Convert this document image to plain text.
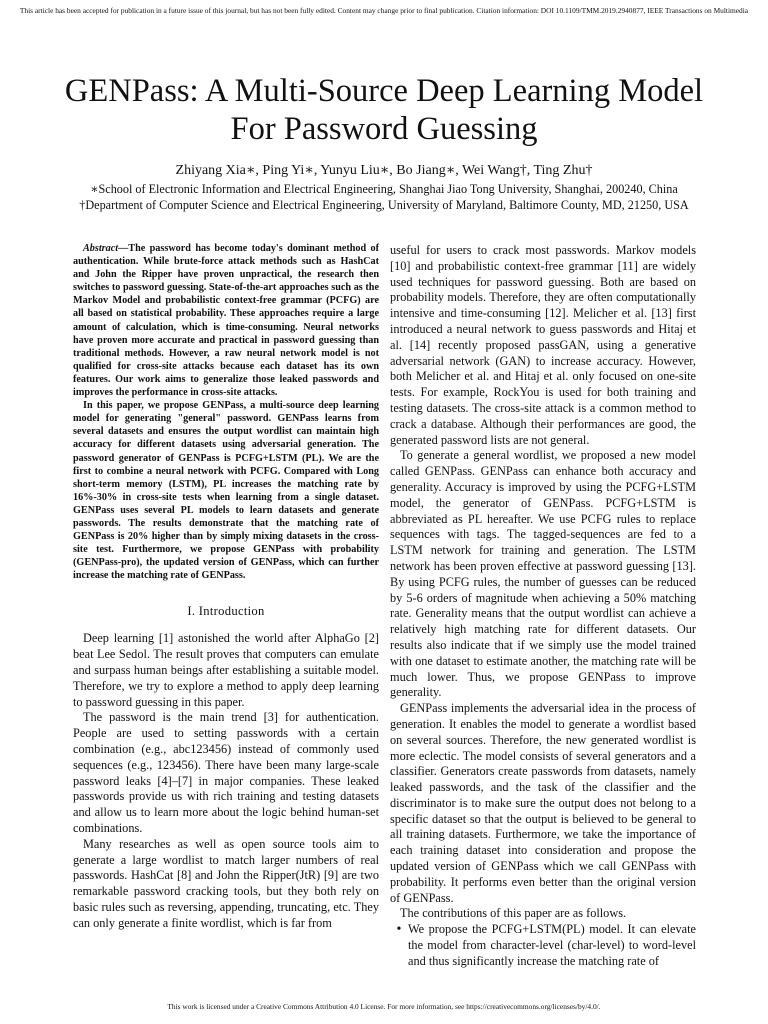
This article has been accepted for publication in a future issue of this journal, but has not been fully edited. Content may change prior to final publication. Citation information: DOI 10.1109/TMM.2019.2940877, IEEE Transactions on Multimedia
GENPass: A Multi-Source Deep Learning Model
For Password Guessing
Zhiyang Xia∗, Ping Yi∗, Yunyu Liu∗, Bo Jiang∗, Wei Wang†, Ting Zhu†
∗School of Electronic Information and Electrical Engineering, Shanghai Jiao Tong University, Shanghai, 200240, China
†Department of Computer Science and Electrical Engineering, University of Maryland, Baltimore County, MD, 21250, USA

Abstract—The password has become today's dominant method of authentication. While brute-force attack methods such as HashCat and John the Ripper have proven unpractical, the research then switches to password guessing. State-of-the-art approaches such as the Markov Model and probabilistic context-free grammar (PCFG) are all based on statistical probability. These approaches require a large amount of calculation, which is time-consuming. Neural networks have proven more accurate and practical in password guessing than traditional methods. However, a raw neural network model is not qualified for cross-site attacks because each dataset has its own features. Our work aims to generalize those leaked passwords and improves the performance in cross-site attacks.

In this paper, we propose GENPass, a multi-source deep learning model for generating "general" password. GENPass learns from several datasets and ensures the output wordlist can maintain high accuracy for different datasets using adversarial generation. The password generator of GENPass is PCFG+LSTM (PL). We are the first to combine a neural network with PCFG. Compared with Long short-term memory (LSTM), PL increases the matching rate by 16%-30% in cross-site tests when learning from a single dataset. GENPass uses several PL models to learn datasets and generate passwords. The results demonstrate that the matching rate of GENPass is 20% higher than by simply mixing datasets in the cross-site test. Furthermore, we propose GENPass with probability (GENPass-pro), the updated version of GENPass, which can further increase the matching rate of GENPass.

I. Introduction

Deep learning [1] astonished the world after AlphaGo [2] beat Lee Sedol. The result proves that computers can emulate and surpass human beings after establishing a suitable model. Therefore, we try to explore a method to apply deep learning to password guessing in this paper.

The password is the main trend [3] for authentication. People are used to setting passwords with a certain combination (e.g., abc123456) instead of commonly used sequences (e.g., 123456). There have been many large-scale password leaks [4]–[7] in major companies. These leaked passwords provide us with rich training and testing datasets and allow us to learn more about the logic behind human-set combinations.

Many researches as well as open source tools aim to generate a large wordlist to match larger numbers of real passwords. HashCat [8] and John the Ripper(JtR) [9] are two remarkable password cracking tools, but they both rely on basic rules such as reversing, appending, truncating, etc. They can only generate a finite wordlist, which is far from

useful for users to crack most passwords. Markov models [10] and probabilistic context-free grammar [11] are widely used techniques for password guessing. Both are based on probability models. Therefore, they are often computationally intensive and time-consuming [12]. Melicher et al. [13] first introduced a neural network to guess passwords and Hitaj et al. [14] recently proposed passGAN, using a generative adversarial network (GAN) to increase accuracy. However, both Melicher et al. and Hitaj et al. only focused on one-site tests. For example, RockYou is used for both training and testing datasets. The cross-site attack is a common method to crack a database. Although their performances are good, the generated password lists are not general.

To generate a general wordlist, we proposed a new model called GENPass. GENPass can enhance both accuracy and generality. Accuracy is improved by using the PCFG+LSTM model, the generator of GENPass. PCFG+LSTM is abbreviated as PL hereafter. We use PCFG rules to replace sequences with tags. The tagged-sequences are fed to a LSTM network for training and generation. The LSTM network has been proven effective at password guessing [13]. By using PCFG rules, the number of guesses can be reduced by 5-6 orders of magnitude when achieving a 50% matching rate. Generality means that the output wordlist can achieve a relatively high matching rate for different datasets. Our results also indicate that if we simply use the model trained with one dataset to estimate another, the matching rate will be much lower. Thus, we propose GENPass to improve generality.

GENPass implements the adversarial idea in the process of generation. It enables the model to generate a wordlist based on several sources. Therefore, the new generated wordlist is more eclectic. The model consists of several generators and a classifier. Generators create passwords from datasets, namely leaked passwords, and the task of the classifier and the discriminator is to make sure the output does not belong to a specific dataset so that the output is believed to be general to all training datasets. Furthermore, we take the importance of each training dataset into consideration and propose the updated version of GENPass which we call GENPass with probability. It performs even better than the original version of GENPass.

The contributions of this paper are as follows.

• We propose the PCFG+LSTM(PL) model. It can elevate the model from character-level (char-level) to word-level and thus significantly increase the matching rate of
This work is licensed under a Creative Commons Attribution 4.0 License. For more information, see https://creativecommons.org/licenses/by/4.0/.
